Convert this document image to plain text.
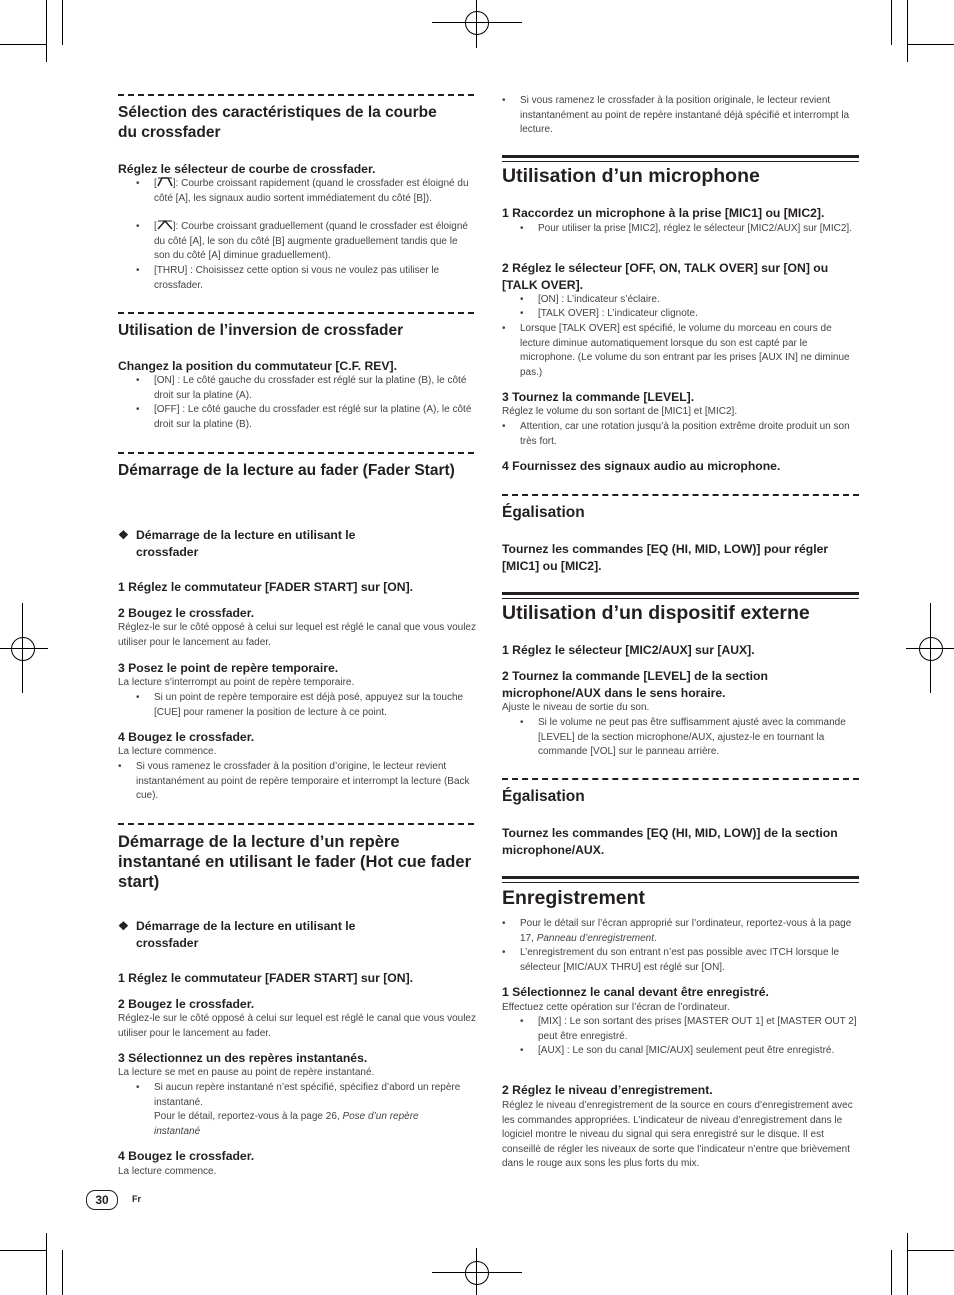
Sélection des caractéristiques de la courbe du crossfader
Réglez le sélecteur de courbe de crossfader.
• [ ]: Courbe croissant rapidement (quand le crossfader est éloigné du côté [A], les signaux audio sortent immédiatement du côté [B]).
• [ ]: Courbe croissant graduellement (quand le crossfader est éloigné du côté [A], le son du côté [B] augmente graduellement tandis que le son du côté [A] diminue graduellement).
• [THRU] : Choisissez cette option si vous ne voulez pas utiliser le crossfader.
Utilisation de l’inversion de crossfader
Changez la position du commutateur [C.F. REV].
• [ON] : Le côté gauche du crossfader est réglé sur la platine (B), le côté droit sur la platine (A).
• [OFF] : Le côté gauche du crossfader est réglé sur la platine (A), le côté droit sur la platine (B).
Démarrage de la lecture au fader (Fader Start)
❖ Démarrage de la lecture en utilisant le crossfader
1 Réglez le commutateur [FADER START] sur [ON].
2 Bougez le crossfader.
Réglez-le sur le côté opposé à celui sur lequel est réglé le canal que vous voulez utiliser pour le lancement au fader.
3 Posez le point de repère temporaire.
La lecture s’interrompt au point de repère temporaire.
• Si un point de repère temporaire est déjà posé, appuyez sur la touche [CUE] pour ramener la position de lecture à ce point.
4 Bougez le crossfader.
La lecture commence.
• Si vous ramenez le crossfader à la position d’origine, le lecteur revient instantanément au point de repère temporaire et interrompt la lecture (Back cue).
Démarrage de la lecture d’un repère instantané en utilisant le fader (Hot cue fader start)
❖ Démarrage de la lecture en utilisant le crossfader
1 Réglez le commutateur [FADER START] sur [ON].
2 Bougez le crossfader.
Réglez-le sur le côté opposé à celui sur lequel est réglé le canal que vous voulez utiliser pour le lancement au fader.
3 Sélectionnez un des repères instantanés.
La lecture se met en pause au point de repère instantané.
• Si aucun repère instantané n’est spécifié, spécifiez d’abord un repère instantané.
Pour le détail, reportez-vous à la page 26, Pose d’un repère instantané
4 Bougez le crossfader.
La lecture commence.
• Si vous ramenez le crossfader à la position originale, le lecteur revient instantanément au point de repère instantané déjà spécifié et interrompt la lecture.
Utilisation d’un microphone
1 Raccordez un microphone à la prise [MIC1] ou [MIC2].
• Pour utiliser la prise [MIC2], réglez le sélecteur [MIC2/AUX] sur [MIC2].
2 Réglez le sélecteur [OFF, ON, TALK OVER] sur [ON] ou [TALK OVER].
• [ON] : L’indicateur s’éclaire.
• [TALK OVER] : L’indicateur clignote.
• Lorsque [TALK OVER] est spécifié, le volume du morceau en cours de lecture diminue automatiquement lorsque du son est capté par le microphone. (Le volume du son entrant par les prises [AUX IN] ne diminue pas.)
3 Tournez la commande [LEVEL].
Réglez le volume du son sortant de [MIC1] et [MIC2].
• Attention, car une rotation jusqu’à la position extrême droite produit un son très fort.
4 Fournissez des signaux audio au microphone.
Égalisation
Tournez les commandes [EQ (HI, MID, LOW)] pour régler [MIC1] ou [MIC2].
Utilisation d’un dispositif externe
1 Réglez le sélecteur [MIC2/AUX] sur [AUX].
2 Tournez la commande [LEVEL] de la section microphone/AUX dans le sens horaire.
Ajuste le niveau de sortie du son.
• Si le volume ne peut pas être suffisamment ajusté avec la commande [LEVEL] de la section microphone/AUX, ajustez-le en tournant la commande [VOL] sur le panneau arrière.
Égalisation
Tournez les commandes [EQ (HI, MID, LOW)] de la section microphone/AUX.
Enregistrement
• Pour le détail sur l’écran approprié sur l’ordinateur, reportez-vous à la page 17, Panneau d’enregistrement.
• L’enregistrement du son entrant n’est pas possible avec ITCH lorsque le sélecteur [MIC/AUX THRU] est réglé sur [ON].
1 Sélectionnez le canal devant être enregistré.
Effectuez cette opération sur l’écran de l’ordinateur.
• [MIX] : Le son sortant des prises [MASTER OUT 1] et [MASTER OUT 2] peut être enregistré.
• [AUX] : Le son du canal [MIC/AUX] seulement peut être enregistré.
2 Réglez le niveau d’enregistrement.
Réglez le niveau d’enregistrement de la source en cours d’enregistrement avec les commandes appropriées. L’indicateur de niveau d’enregistrement dans le logiciel montre le niveau du signal qui sera enregistré sur le disque. Il est conseillé de régler les niveaux de sorte que l’indicateur n’entre que brièvement dans le rouge aux sons les plus forts du mix.
30	Fr
